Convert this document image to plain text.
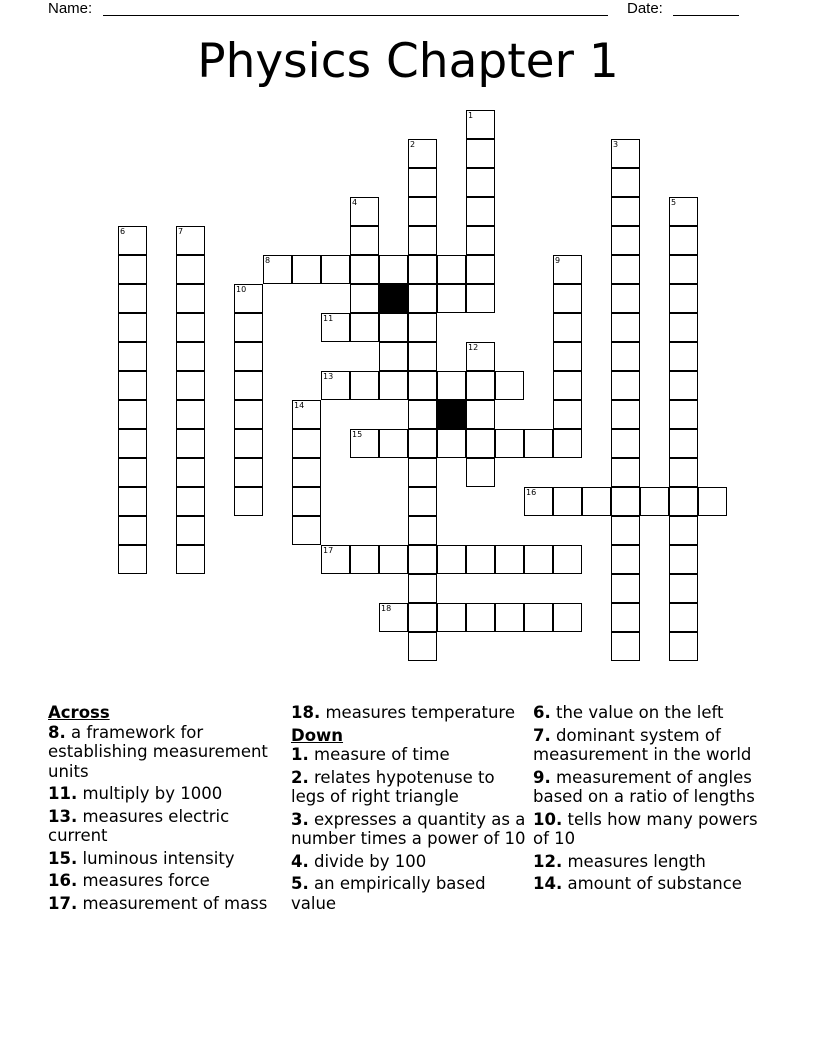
Name:	Date:
Physics Chapter 1
1
2	3
4	5
6	7
8	9
10
11
12
13
14
15
16
17
18

Across

8. a framework for establishing measurement units

11. multiply by 1000

13. measures electric current

15. luminous intensity

16. measures force

17. measurement of mass

18. measures temperature

Down

1. measure of time

2. relates hypotenuse to legs of right triangle

3. expresses a quantity as a number times a power of 10

4. divide by 100

5. an empirically based value

6. the value on the left

7. dominant system of measurement in the world

9. measurement of angles based on a ratio of lengths

10. tells how many powers of 10

12. measures length

14. amount of substance
